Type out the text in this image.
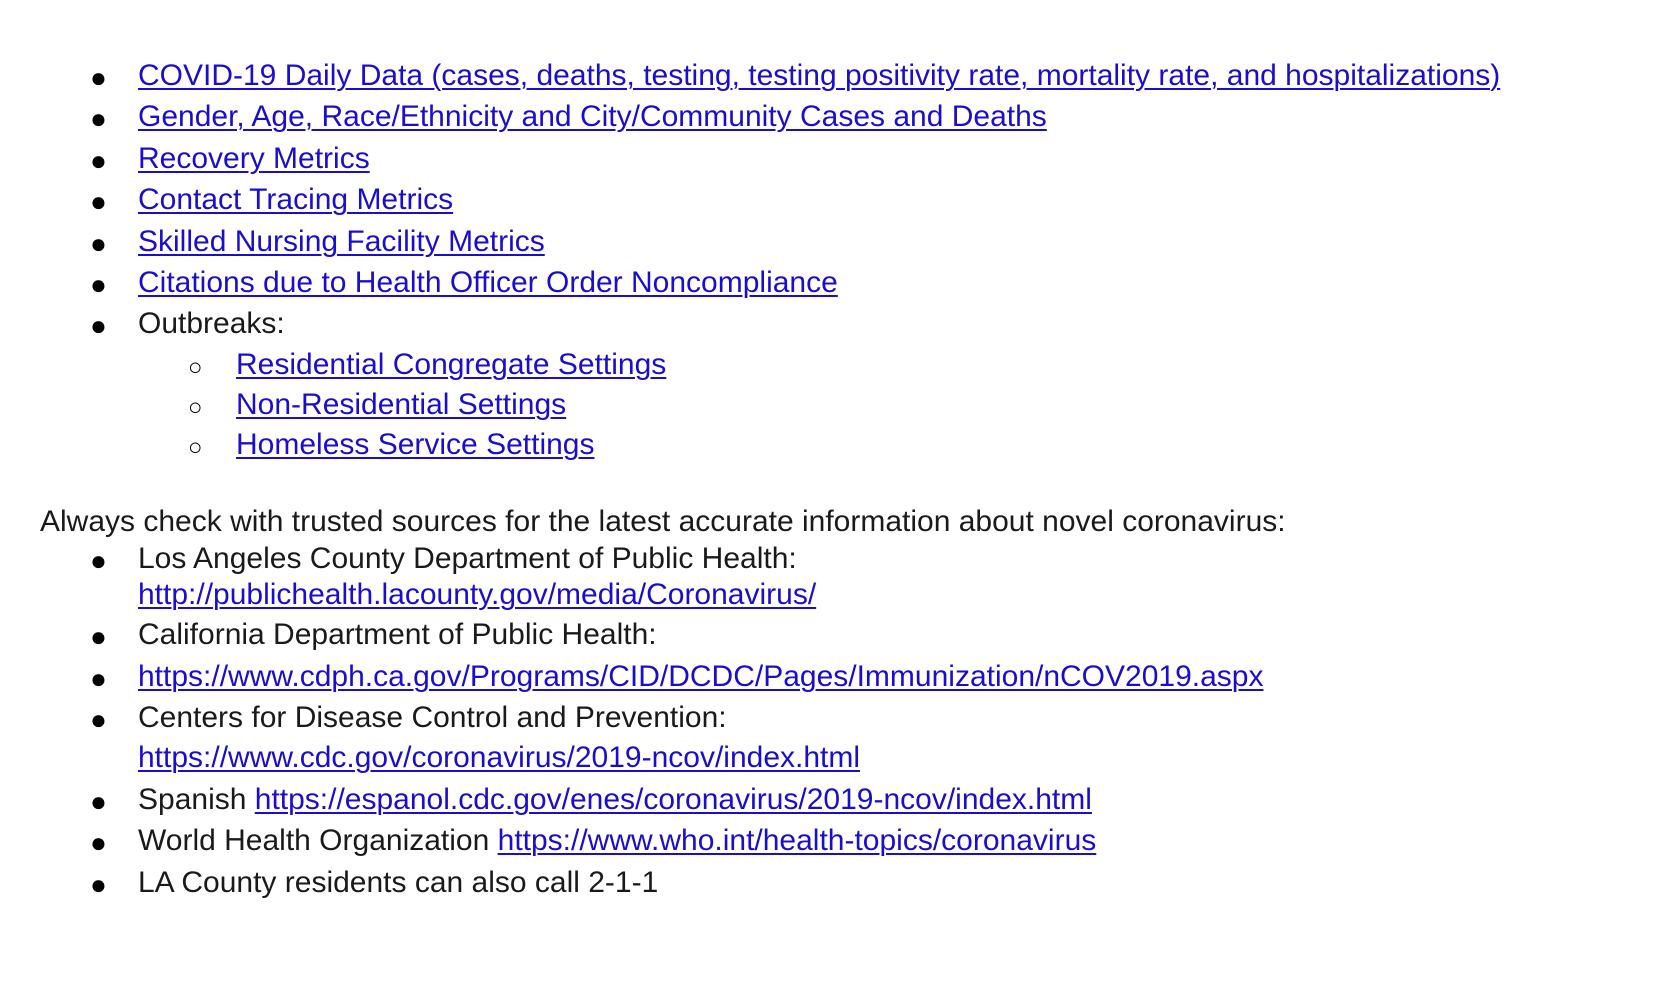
●
COVID-19 Daily Data (cases, deaths, testing, testing positivity rate, mortality rate, and hospitalizations)
●
Gender, Age, Race/Ethnicity and City/Community Cases and Deaths
●
Recovery Metrics
●
Contact Tracing Metrics
●
Skilled Nursing Facility Metrics
●
Citations due to Health Officer Order Noncompliance
●
Outbreaks:
○
Residential Congregate Settings
○
Non-Residential Settings
○
Homeless Service Settings
Always check with trusted sources for the latest accurate information about novel coronavirus:
●
Los Angeles County Department of Public Health:
http://publichealth.lacounty.gov/media/Coronavirus/
●
California Department of Public Health:
●
https://www.cdph.ca.gov/Programs/CID/DCDC/Pages/Immunization/nCOV2019.aspx
●
Centers for Disease Control and Prevention:
https://www.cdc.gov/coronavirus/2019-ncov/index.html
●
Spanish https://espanol.cdc.gov/enes/coronavirus/2019-ncov/index.html
●
World Health Organization https://www.who.int/health-topics/coronavirus
●
LA County residents can also call 2-1-1
